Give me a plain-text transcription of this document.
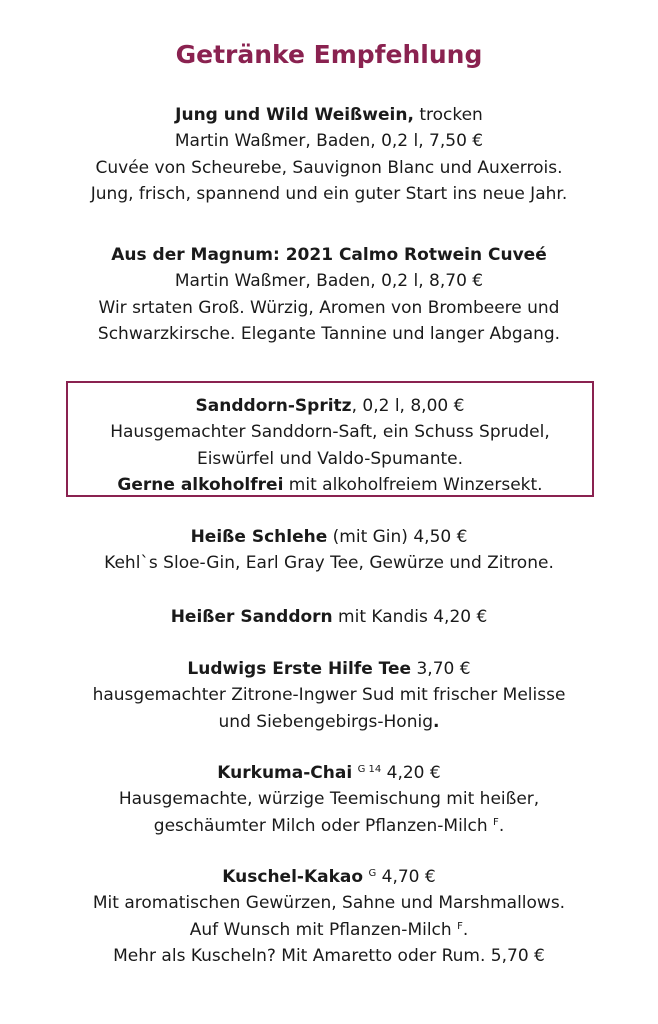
Getränke Empfehlung

Jung und Wild Weißwein, trocken

Martin Waßmer, Baden, 0,2 l, 7,50 €

Cuvée von Scheurebe, Sauvignon Blanc und Auxerrois.

Jung, frisch, spannend und ein guter Start ins neue Jahr.

Aus der Magnum: 2021 Calmo Rotwein Cuveé

Martin Waßmer, Baden, 0,2 l, 8,70 €

Wir srtaten Groß. Würzig, Aromen von Brombeere und

Schwarzkirsche. Elegante Tannine und langer Abgang.

Sanddorn-Spritz, 0,2 l, 8,00 €

Hausgemachter Sanddorn-Saft, ein Schuss Sprudel,

Eiswürfel und Valdo-Spumante.

Gerne alkoholfrei mit alkoholfreiem Winzersekt.

Heiße Schlehe (mit Gin) 4,50 €

Kehl`s Sloe-Gin, Earl Gray Tee, Gewürze und Zitrone.

Heißer Sanddorn mit Kandis 4,20 €

Ludwigs Erste Hilfe Tee 3,70 €

hausgemachter Zitrone-Ingwer Sud mit frischer Melisse

und Siebengebirgs-Honig.

Kurkuma-Chai $^{G 14}$ 4,20 €

Hausgemachte, würzige Teemischung mit heißer,

geschäumter Milch oder Pflanzen-Milch $^F$.

Kuschel-Kakao $^G$ 4,70 €

Mit aromatischen Gewürzen, Sahne und Marshmallows.

Auf Wunsch mit Pflanzen-Milch $^F$.

Mehr als Kuscheln? Mit Amaretto oder Rum. 5,70 €
